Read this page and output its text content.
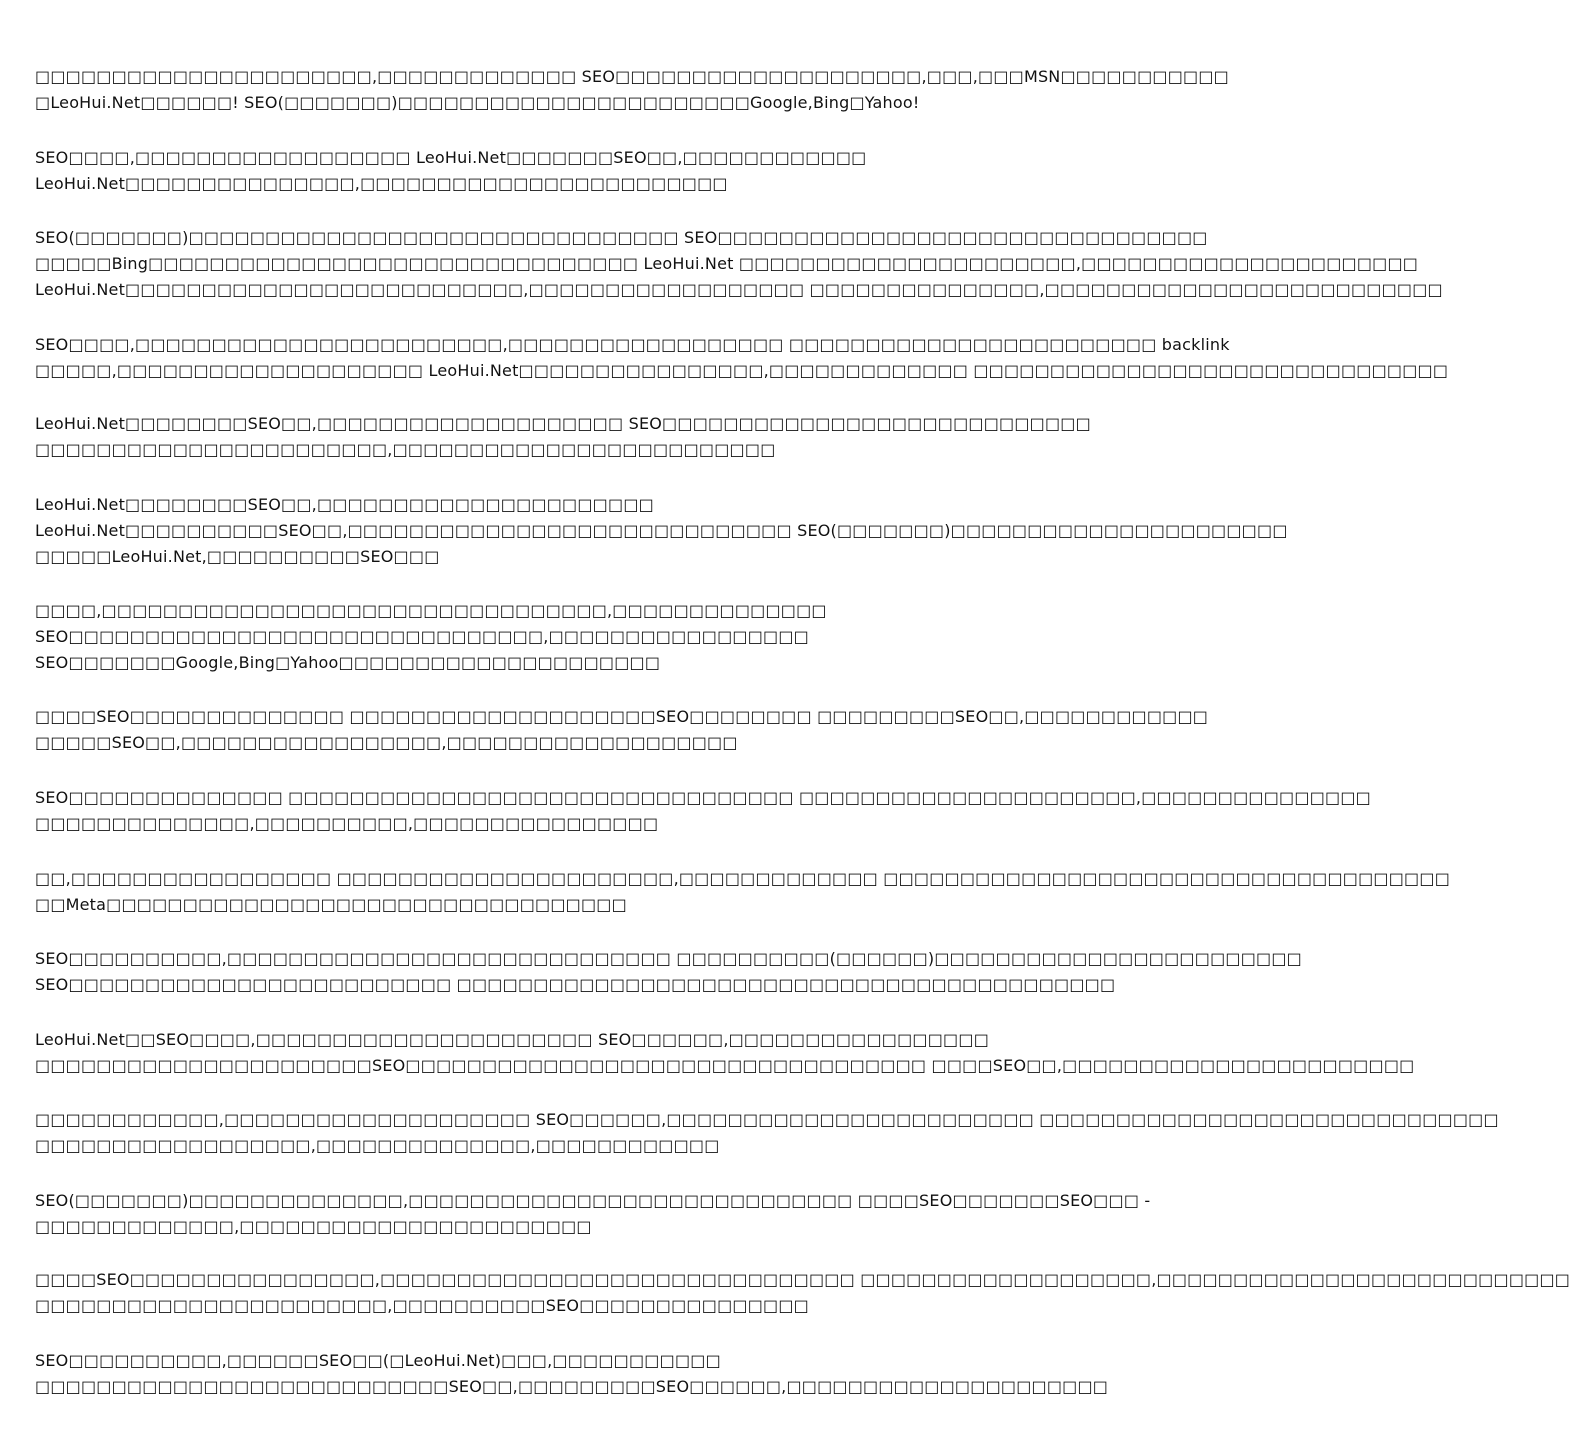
□□□□□□□□□□□□□□□□□□□□□□,□□□□□□□□□□□□□ SEO□□□□□□□□□□□□□□□□□□□□,□□□,□□□MSN□□□□□□□□□□□
□LeoHui.Net□□□□□□! SEO(□□□□□□□)□□□□□□□□□□□□□□□□□□□□□□□Google,Bing□Yahoo!
SEO□□□□,□□□□□□□□□□□□□□□□□□ LeoHui.Net□□□□□□□SEO□□,□□□□□□□□□□□□
LeoHui.Net□□□□□□□□□□□□□□□,□□□□□□□□□□□□□□□□□□□□□□□□
SEO(□□□□□□□)□□□□□□□□□□□□□□□□□□□□□□□□□□□□□□□□ SEO□□□□□□□□□□□□□□□□□□□□□□□□□□□□□□□□
□□□□□Bing□□□□□□□□□□□□□□□□□□□□□□□□□□□□□□□□ LeoHui.Net □□□□□□□□□□□□□□□□□□□□□□,□□□□□□□□□□□□□□□□□□□□□□
LeoHui.Net□□□□□□□□□□□□□□□□□□□□□□□□□□,□□□□□□□□□□□□□□□□□□ □□□□□□□□□□□□□□□,□□□□□□□□□□□□□□□□□□□□□□□□□□
SEO□□□□,□□□□□□□□□□□□□□□□□□□□□□□□,□□□□□□□□□□□□□□□□□□ □□□□□□□□□□□□□□□□□□□□□□□□ backlink
□□□□□,□□□□□□□□□□□□□□□□□□□□ LeoHui.Net□□□□□□□□□□□□□□□□,□□□□□□□□□□□□□ □□□□□□□□□□□□□□□□□□□□□□□□□□□□□□□
LeoHui.Net□□□□□□□□SEO□□,□□□□□□□□□□□□□□□□□□□□ SEO□□□□□□□□□□□□□□□□□□□□□□□□□□□□
□□□□□□□□□□□□□□□□□□□□□□□,□□□□□□□□□□□□□□□□□□□□□□□□□
LeoHui.Net□□□□□□□□SEO□□,□□□□□□□□□□□□□□□□□□□□□□
LeoHui.Net□□□□□□□□□□SEO□□,□□□□□□□□□□□□□□□□□□□□□□□□□□□□□ SEO(□□□□□□□)□□□□□□□□□□□□□□□□□□□□□□
□□□□□LeoHui.Net,□□□□□□□□□□SEO□□□
□□□□,□□□□□□□□□□□□□□□□□□□□□□□□□□□□□□□□□,□□□□□□□□□□□□□□
SEO□□□□□□□□□□□□□□□□□□□□□□□□□□□□□□□,□□□□□□□□□□□□□□□□□
SEO□□□□□□□Google,Bing□Yahoo□□□□□□□□□□□□□□□□□□□□□
□□□□SEO□□□□□□□□□□□□□□ □□□□□□□□□□□□□□□□□□□□SEO□□□□□□□□ □□□□□□□□□SEO□□,□□□□□□□□□□□□
□□□□□SEO□□,□□□□□□□□□□□□□□□□□,□□□□□□□□□□□□□□□□□□□
SEO□□□□□□□□□□□□□□ □□□□□□□□□□□□□□□□□□□□□□□□□□□□□□□□□ □□□□□□□□□□□□□□□□□□□□□□,□□□□□□□□□□□□□□□
□□□□□□□□□□□□□□,□□□□□□□□□□,□□□□□□□□□□□□□□□□
□□,□□□□□□□□□□□□□□□□□ □□□□□□□□□□□□□□□□□□□□□□,□□□□□□□□□□□□□ □□□□□□□□□□□□□□□□□□□□□□□□□□□□□□□□□□□□□
□□Meta□□□□□□□□□□□□□□□□□□□□□□□□□□□□□□□□□□
SEO□□□□□□□□□□,□□□□□□□□□□□□□□□□□□□□□□□□□□□□□ □□□□□□□□□□(□□□□□□)□□□□□□□□□□□□□□□□□□□□□□□□
SEO□□□□□□□□□□□□□□□□□□□□□□□□□ □□□□□□□□□□□□□□□□□□□□□□□□□□□□□□□□□□□□□□□□□□□
LeoHui.Net□□SEO□□□□,□□□□□□□□□□□□□□□□□□□□□□ SEO□□□□□□,□□□□□□□□□□□□□□□□□
□□□□□□□□□□□□□□□□□□□□□□SEO□□□□□□□□□□□□□□□□□□□□□□□□□□□□□□□□□□ □□□□SEO□□,□□□□□□□□□□□□□□□□□□□□□□□
□□□□□□□□□□□□,□□□□□□□□□□□□□□□□□□□□ SEO□□□□□□,□□□□□□□□□□□□□□□□□□□□□□□□ □□□□□□□□□□□□□□□□□□□□□□□□□□□□□□
□□□□□□□□□□□□□□□□□□,□□□□□□□□□□□□□□,□□□□□□□□□□□□
SEO(□□□□□□□)□□□□□□□□□□□□□□,□□□□□□□□□□□□□□□□□□□□□□□□□□□□□ □□□□SEO□□□□□□□SEO□□□ -
□□□□□□□□□□□□□,□□□□□□□□□□□□□□□□□□□□□□□
□□□□SEO□□□□□□□□□□□□□□□□,□□□□□□□□□□□□□□□□□□□□□□□□□□□□□□□ □□□□□□□□□□□□□□□□□□□,□□□□□□□□□□□□□□□□□□□□□□□□□□□
□□□□□□□□□□□□□□□□□□□□□□□,□□□□□□□□□□SEO□□□□□□□□□□□□□□□
SEO□□□□□□□□□□,□□□□□□SEO□□(□LeoHui.Net)□□□,□□□□□□□□□□□
□□□□□□□□□□□□□□□□□□□□□□□□□□□SEO□□,□□□□□□□□□SEO□□□□□□,□□□□□□□□□□□□□□□□□□□□□
